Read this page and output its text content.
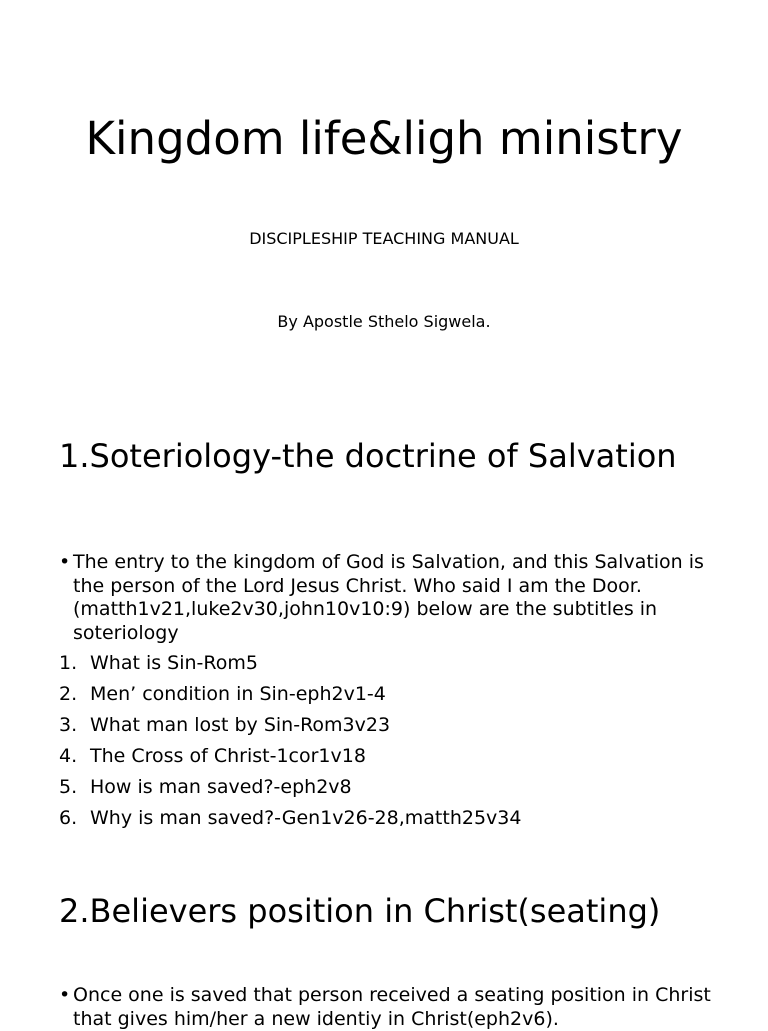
Kingdom life&ligh ministry

DISCIPLESHIP TEACHING MANUAL

By Apostle Sthelo Sigwela.

1.Soteriology-the doctrine of Salvation

• The entry to the kingdom of God is Salvation, and this Salvation is the person of the Lord Jesus Christ. Who said I am the Door.(matth1v21,luke2v30,john10v10:9) below are the subtitles in soteriology

1. What is Sin-Rom5
2. Men’ condition in Sin-eph2v1-4
3. What man lost by Sin-Rom3v23
4. The Cross of Christ-1cor1v18
5. How is man saved?-eph2v8
6. Why is man saved?-Gen1v26-28,matth25v34
2.Believers position in Christ(seating)

• Once one is saved that person received a seating position in Christ that gives him/her a new identiy in Christ(eph2v6).
